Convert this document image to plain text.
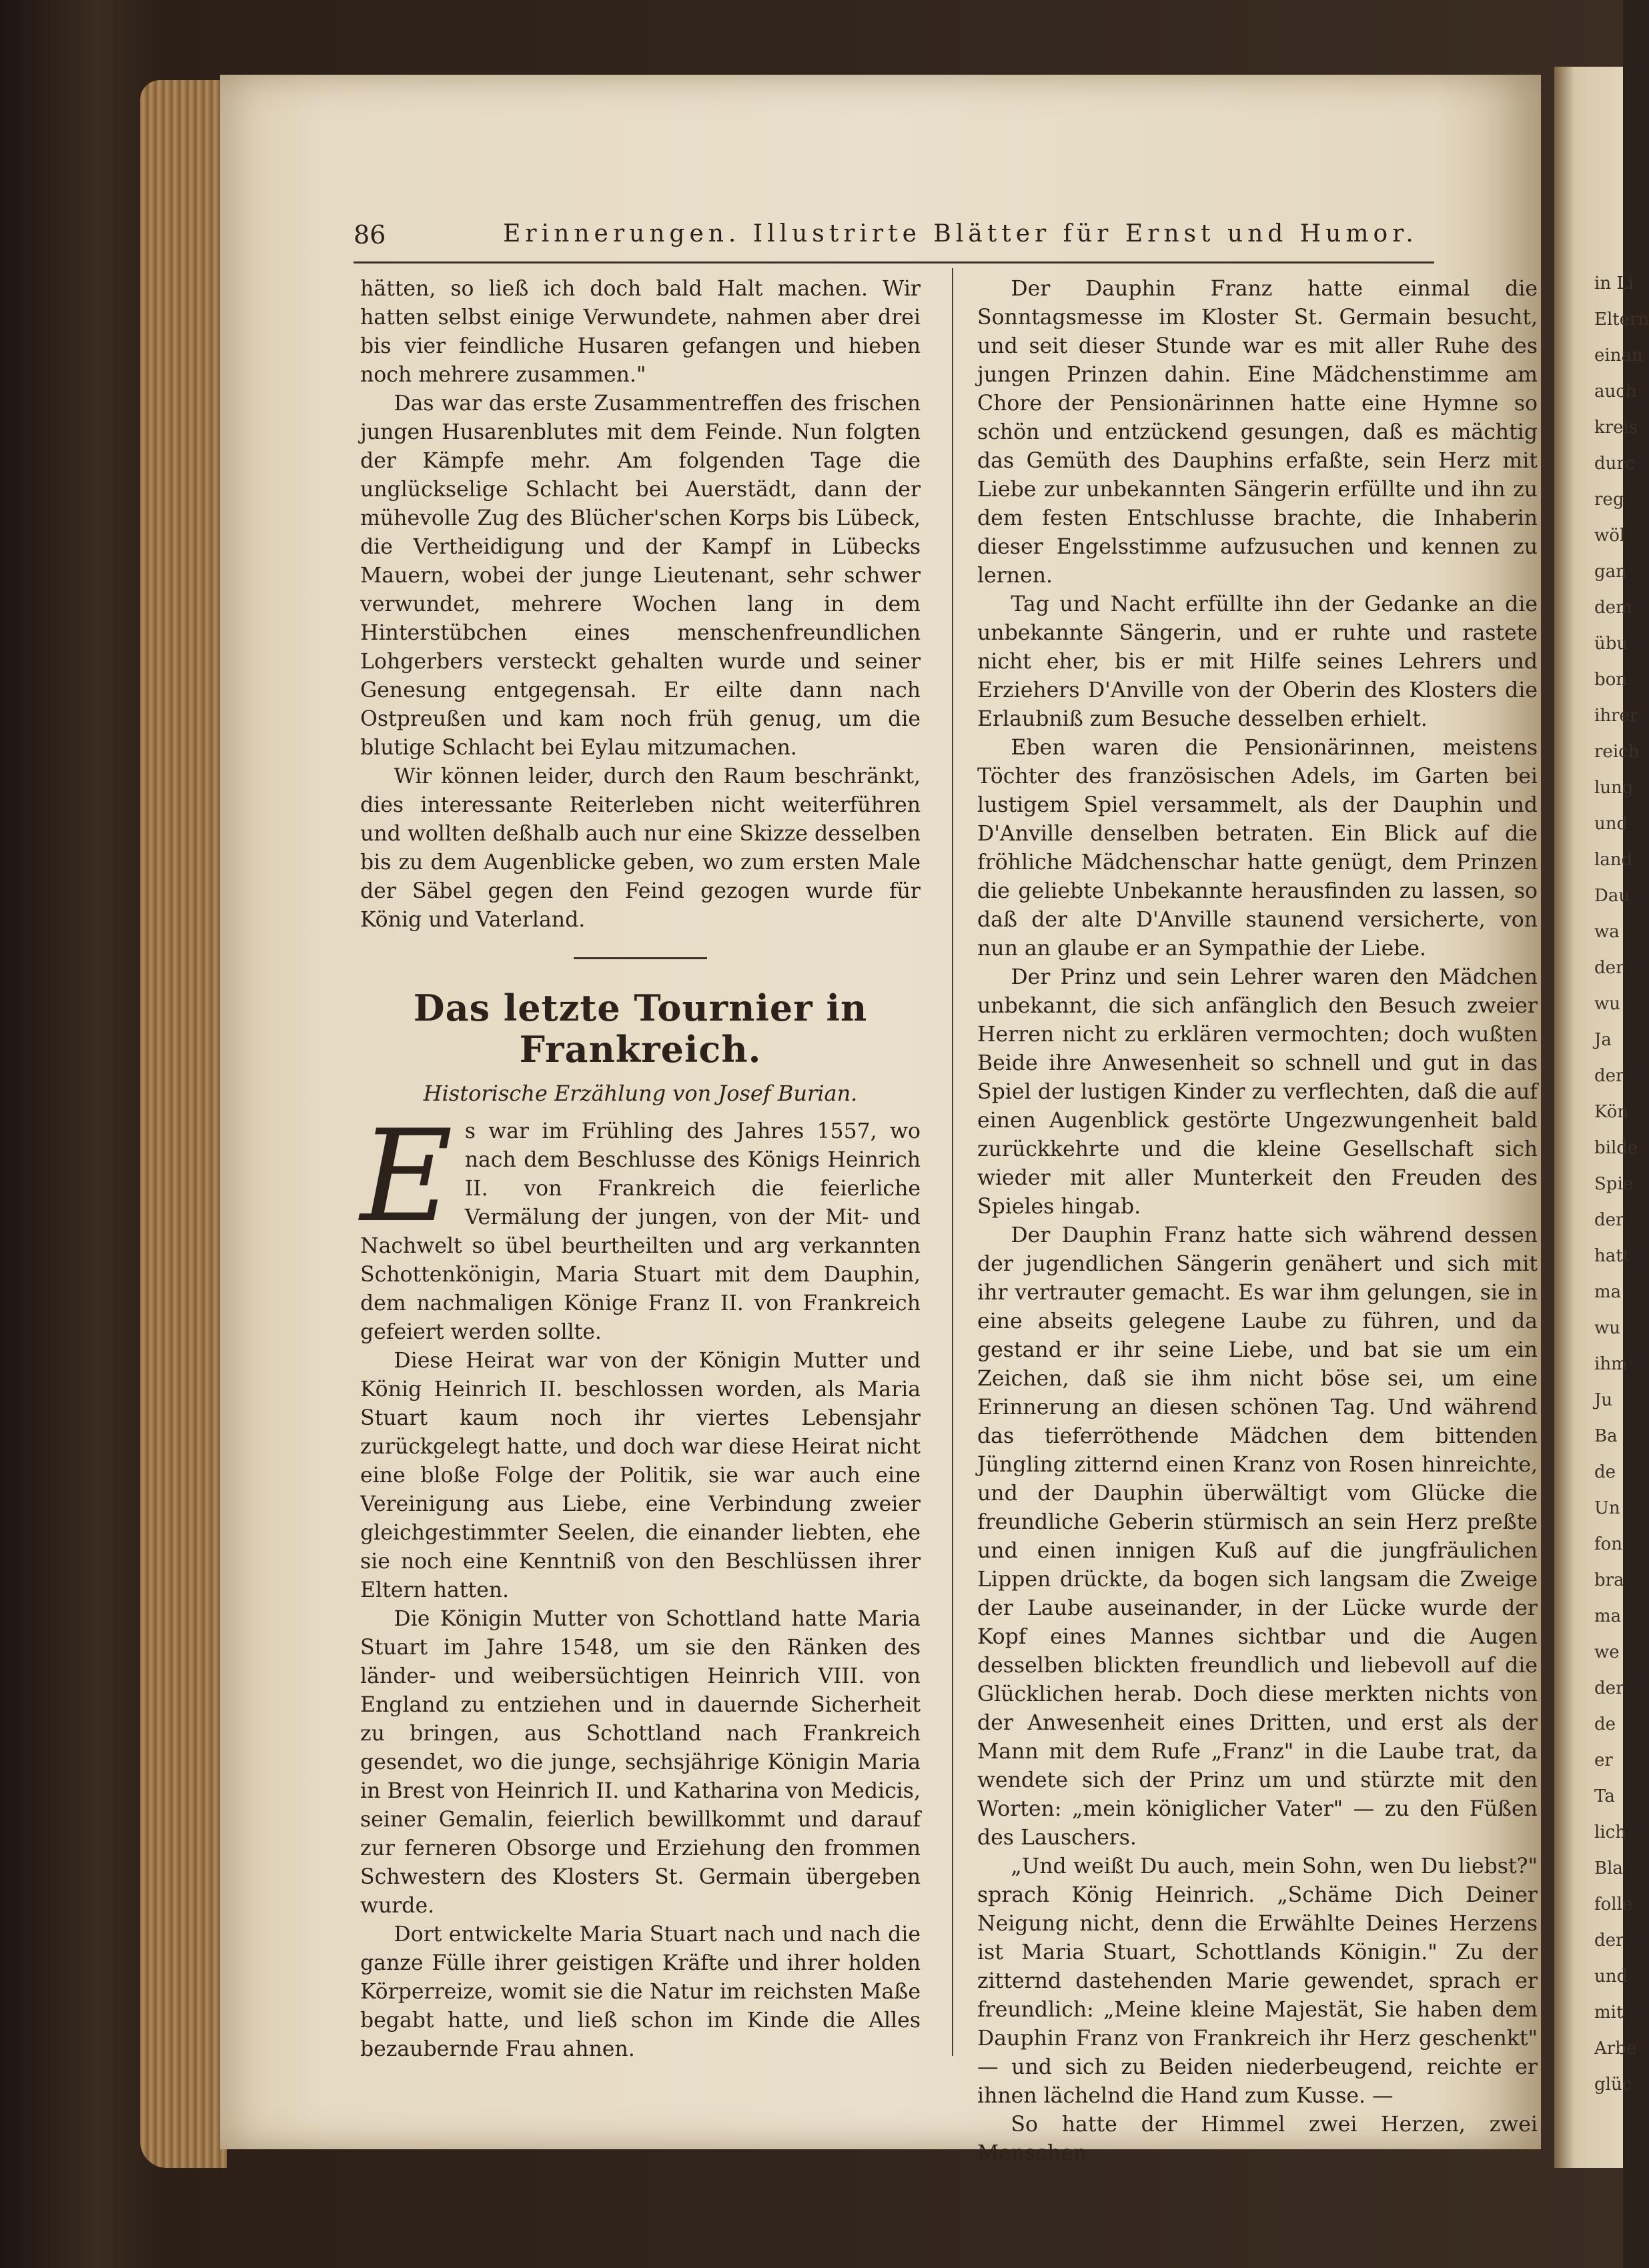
86	Erinnerungen. Illustrirte Blätter für Ernst und Humor.

hätten, so ließ ich doch bald Halt machen. Wir hatten selbst einige Verwundete, nahmen aber drei bis vier feindliche Husaren gefangen und hieben noch mehrere zusammen."

Das war das erste Zusammentreffen des frischen jungen Husarenblutes mit dem Feinde. Nun folgten der Kämpfe mehr. Am folgenden Tage die unglückselige Schlacht bei Auerstädt, dann der mühevolle Zug des Blücher'schen Korps bis Lübeck, die Vertheidigung und der Kampf in Lübecks Mauern, wobei der junge Lieutenant, sehr schwer verwundet, mehrere Wochen lang in dem Hinterstübchen eines menschenfreundlichen Lohgerbers versteckt gehalten wurde und seiner Genesung entgegensah. Er eilte dann nach Ostpreußen und kam noch früh genug, um die blutige Schlacht bei Eylau mitzumachen.

Wir können leider, durch den Raum beschränkt, dies interessante Reiterleben nicht weiterführen und wollten deßhalb auch nur eine Skizze desselben bis zu dem Augenblicke geben, wo zum ersten Male der Säbel gegen den Feind gezogen wurde für König und Vaterland.

Das letzte Tournier in Frankreich.
Historische Erzählung von Josef Burian.

Es war im Frühling des Jahres 1557, wo nach dem Beschlusse des Königs Heinrich II. von Frankreich die feierliche Vermälung der jungen, von der Mit- und Nachwelt so übel beurtheilten und arg verkannten Schottenkönigin, Maria Stuart mit dem Dauphin, dem nachmaligen Könige Franz II. von Frankreich gefeiert werden sollte.

Diese Heirat war von der Königin Mutter und König Heinrich II. beschlossen worden, als Maria Stuart kaum noch ihr viertes Lebensjahr zurückgelegt hatte, und doch war diese Heirat nicht eine bloße Folge der Politik, sie war auch eine Vereinigung aus Liebe, eine Verbindung zweier gleichgestimmter Seelen, die einander liebten, ehe sie noch eine Kenntniß von den Beschlüssen ihrer Eltern hatten.

Die Königin Mutter von Schottland hatte Maria Stuart im Jahre 1548, um sie den Ränken des länder- und weibersüchtigen Heinrich VIII. von England zu entziehen und in dauernde Sicherheit zu bringen, aus Schottland nach Frankreich gesendet, wo die junge, sechsjährige Königin Maria in Brest von Heinrich II. und Katharina von Medicis, seiner Gemalin, feierlich bewillkommt und darauf zur ferneren Obsorge und Erziehung den frommen Schwestern des Klosters St. Germain übergeben wurde.

Dort entwickelte Maria Stuart nach und nach die ganze Fülle ihrer geistigen Kräfte und ihrer holden Körperreize, womit sie die Natur im reichsten Maße begabt hatte, und ließ schon im Kinde die Alles bezaubernde Frau ahnen.

Der Dauphin Franz hatte einmal die Sonntagsmesse im Kloster St. Germain besucht, und seit dieser Stunde war es mit aller Ruhe des jungen Prinzen dahin. Eine Mädchenstimme am Chore der Pensionärinnen hatte eine Hymne so schön und entzückend gesungen, daß es mächtig das Gemüth des Dauphins erfaßte, sein Herz mit Liebe zur unbekannten Sängerin erfüllte und ihn zu dem festen Entschlusse brachte, die Inhaberin dieser Engelsstimme aufzusuchen und kennen zu lernen.

Tag und Nacht erfüllte ihn der Gedanke an die unbekannte Sängerin, und er ruhte und rastete nicht eher, bis er mit Hilfe seines Lehrers und Erziehers D'Anville von der Oberin des Klosters die Erlaubniß zum Besuche desselben erhielt.

Eben waren die Pensionärinnen, meistens Töchter des französischen Adels, im Garten bei lustigem Spiel versammelt, als der Dauphin und D'Anville denselben betraten. Ein Blick auf die fröhliche Mädchenschar hatte genügt, dem Prinzen die geliebte Unbekannte herausfinden zu lassen, so daß der alte D'Anville staunend versicherte, von nun an glaube er an Sympathie der Liebe.

Der Prinz und sein Lehrer waren den Mädchen unbekannt, die sich anfänglich den Besuch zweier Herren nicht zu erklären vermochten; doch wußten Beide ihre Anwesenheit so schnell und gut in das Spiel der lustigen Kinder zu verflechten, daß die auf einen Augenblick gestörte Ungezwungenheit bald zurückkehrte und die kleine Gesellschaft sich wieder mit aller Munterkeit den Freuden des Spieles hingab.

Der Dauphin Franz hatte sich während dessen der jugendlichen Sängerin genähert und sich mit ihr vertrauter gemacht. Es war ihm gelungen, sie in eine abseits gelegene Laube zu führen, und da gestand er ihr seine Liebe, und bat sie um ein Zeichen, daß sie ihm nicht böse sei, um eine Erinnerung an diesen schönen Tag. Und während das tieferröthende Mädchen dem bittenden Jüngling zitternd einen Kranz von Rosen hinreichte, und der Dauphin überwältigt vom Glücke die freundliche Geberin stürmisch an sein Herz preßte und einen innigen Kuß auf die jungfräulichen Lippen drückte, da bogen sich langsam die Zweige der Laube auseinander, in der Lücke wurde der Kopf eines Mannes sichtbar und die Augen desselben blickten freundlich und liebevoll auf die Glücklichen herab. Doch diese merkten nichts von der Anwesenheit eines Dritten, und erst als der Mann mit dem Rufe „Franz" in die Laube trat, da wendete sich der Prinz um und stürzte mit den Worten: „mein königlicher Vater" — zu den Füßen des Lauschers.

„Und weißt Du auch, mein Sohn, wen Du liebst?" sprach König Heinrich. „Schäme Dich Deiner Neigung nicht, denn die Erwählte Deines Herzens ist Maria Stuart, Schottlands Königin." Zu der zitternd dastehenden Marie gewendet, sprach er freundlich: „Meine kleine Majestät, Sie haben dem Dauphin Franz von Frankreich ihr Herz geschenkt" — und sich zu Beiden niederbeugend, reichte er ihnen lächelnd die Hand zum Kusse. —

So hatte der Himmel zwei Herzen, zwei Menschen

in Li
Eltern
einan
auch
kreis
durc
reg
wöl
gan
dem
übu
bon
ihrer
reich
lung
und
land
Dau
wa
der
wu
Ja
der
Kön
bilde
Spie
der
hatt
ma
wu
ihm
Ju
Ba
de
Un
fon
bra
ma
we
der
de
er
Ta
lich
Bla
folle
der
und
mit
Arbe
glüc
